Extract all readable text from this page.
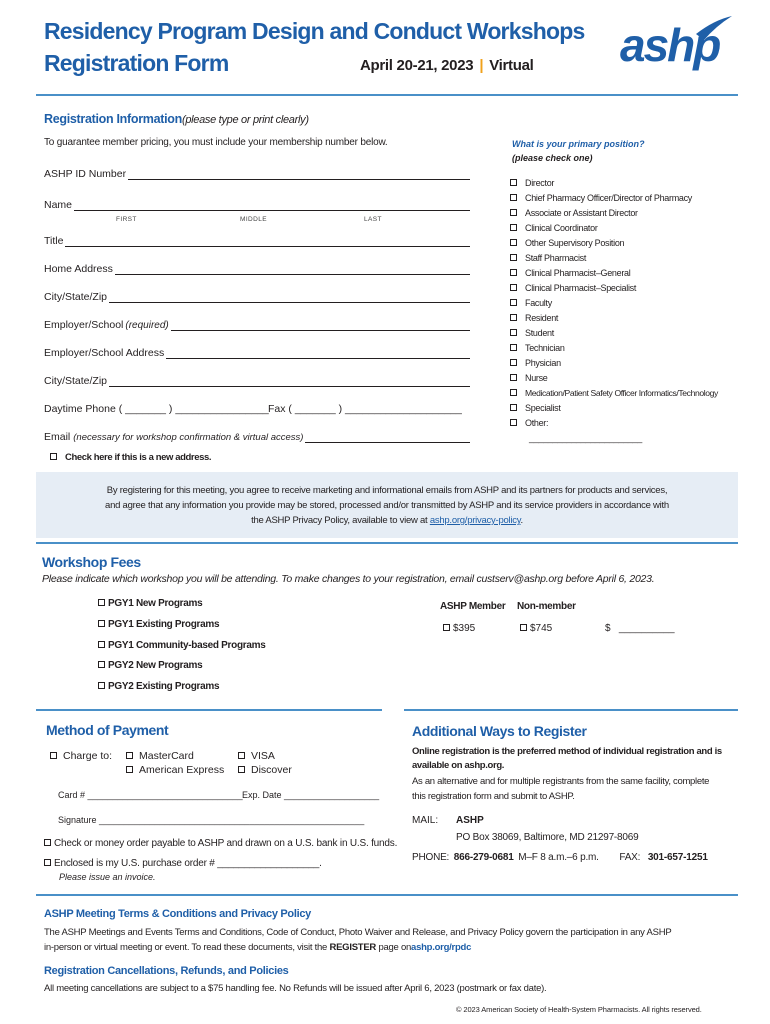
Residency Program Design and Conduct Workshops
Registration Form	April 20-21, 2023 | Virtual ashp
Registration Information(please type or print clearly)
To guarantee member pricing, you must include your membership number below.
ASHP ID Number
Name
FIRST	MIDDLE	LAST
Title
Home Address
City/State/Zip
Employer/School (required)
Employer/School Address
City/State/Zip
Daytime Phone ( _______ ) ________________ Fax ( _______ ) ____________________
Email (necessary for workshop confirmation & virtual access)
Check here if this is a new address.
What is your primary position?
(please check one)
Director
Chief Pharmacy Officer/Director of Pharmacy
Associate or Assistant Director
Clinical Coordinator
Other Supervisory Position
Staff Pharmacist
Clinical Pharmacist–General
Clinical Pharmacist–Specialist
Faculty
Resident
Student
Technician
Physician
Nurse
Medication/Patient Safety Officer Informatics/Technology
Specialist
Other:
________________________
By registering for this meeting, you agree to receive marketing and informational emails from ASHP and its partners for products and services,
and agree that any information you provide may be stored, processed and/or transmitted by ASHP and its service providers in accordance with
the ASHP Privacy Policy, available to view at ashp.org/privacy-policy.
Workshop Fees
Please indicate which workshop you will be attending. To make changes to your registration, email custserv@ashp.org before April 6, 2023.
PGY1 New Programs
PGY1 Existing Programs
PGY1 Community-based Programs
PGY2 New Programs
PGY2 Existing Programs
ASHP Member Non-member
$395	$745	$   __________
Method of Payment
Charge to:	MasterCard	VISA
American Express	Discover
Card # _______________________________ Exp. Date ___________________
Signature _____________________________________________________
Check or money order payable to ASHP and drawn on a U.S. bank in U.S. funds.
Enclosed is my U.S. purchase order # ___________________.
Please issue an invoice.
Additional Ways to Register
Online registration is the preferred method of individual registration and is
available on ashp.org.
As an alternative and for multiple registrants from the same facility, complete
this registration form and submit to ASHP.
MAIL: ASHP
PO Box 38069, Baltimore, MD 21297-8069
PHONE: 866-279-0681 M–F 8 a.m.–6 p.m. FAX: 301-657-1251
ASHP Meeting Terms & Conditions and Privacy Policy
The ASHP Meetings and Events Terms and Conditions, Code of Conduct, Photo Waiver and Release, and Privacy Policy govern the participation in any ASHP
in-person or virtual meeting or event. To read these documents, visit the REGISTER page onashp.org/rpdc
Registration Cancellations, Refunds, and Policies
All meeting cancellations are subject to a $75 handling fee. No Refunds will be issued after April 6, 2023 (postmark or fax date).
© 2023 American Society of Health-System Pharmacists. All rights reserved.
